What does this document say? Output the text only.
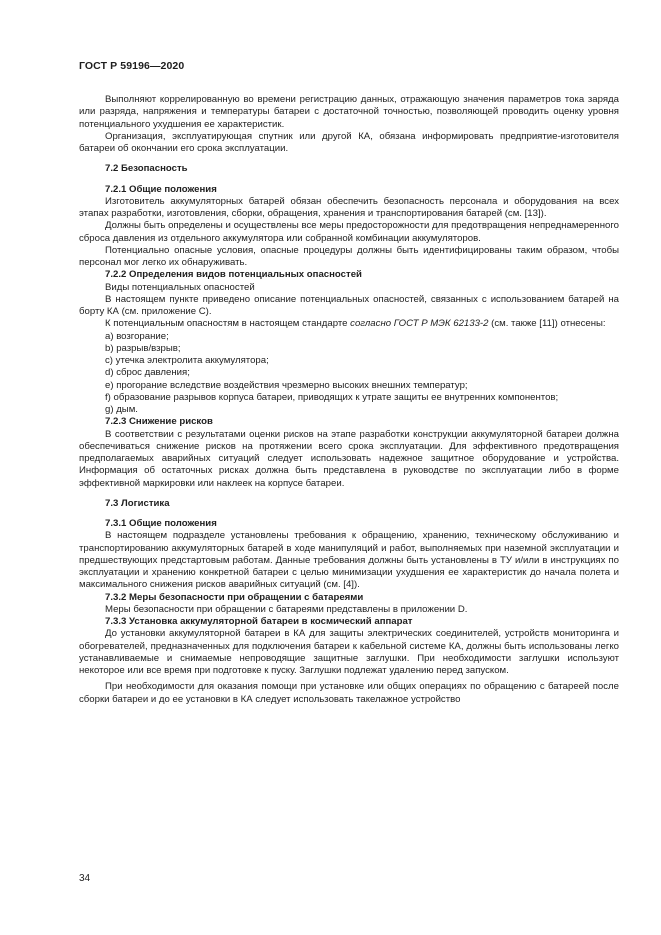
ГОСТ Р 59196—2020

Выполняют коррелированную во времени регистрацию данных, отражающую значения параметров тока заряда или разряда, напряжения и температуры батареи с достаточной точностью, позволяющей проводить оценку уровня потенциального ухудшения ее характеристик.

Организация, эксплуатирующая спутник или другой КА, обязана информировать предприятие-изготовителя батареи об окончании его срока эксплуатации.

7.2 Безопасность

7.2.1 Общие положения

Изготовитель аккумуляторных батарей обязан обеспечить безопасность персонала и оборудования на всех этапах разработки, изготовления, сборки, обращения, хранения и транспортирования батарей (см. [13]).

Должны быть определены и осуществлены все меры предосторожности для предотвращения непреднамеренного сброса давления из отдельного аккумулятора или собранной комбинации аккумуляторов.

Потенциально опасные условия, опасные процедуры должны быть идентифицированы таким образом, чтобы персонал мог легко их обнаруживать.

7.2.2 Определения видов потенциальных опасностей

Виды потенциальных опасностей

В настоящем пункте приведено описание потенциальных опасностей, связанных с использованием батарей на борту КА (см. приложение С).

К потенциальным опасностям в настоящем стандарте согласно ГОСТ Р МЭК 62133-2 (см. также [11]) отнесены:

a) возгорание;

b) разрыв/взрыв;

c) утечка электролита аккумулятора;

d) сброс давления;

e) прогорание вследствие воздействия чрезмерно высоких внешних температур;

f) образование разрывов корпуса батареи, приводящих к утрате защиты ее внутренних компонентов;

g) дым.

7.2.3 Снижение рисков

В соответствии с результатами оценки рисков на этапе разработки конструкции аккумуляторной батареи должна обеспечиваться снижение рисков на протяжении всего срока эксплуатации. Для эффективного предотвращения предполагаемых аварийных ситуаций следует использовать надежное защитное оборудование и устройства. Информация об остаточных рисках должна быть представлена в руководстве по эксплуатации либо в форме эффективной маркировки или наклеек на корпусе батареи.

7.3 Логистика

7.3.1 Общие положения

В настоящем подразделе установлены требования к обращению, хранению, техническому обслуживанию и транспортированию аккумуляторных батарей в ходе манипуляций и работ, выполняемых при наземной эксплуатации и предшествующих предстартовым работам. Данные требования должны быть установлены в ТУ и/или в инструкциях по эксплуатации и хранению конкретной батареи с целью минимизации ухудшения ее характеристик до начала полета и максимального снижения рисков аварийных ситуаций (см. [4]).

7.3.2 Меры безопасности при обращении с батареями

Меры безопасности при обращении с батареями представлены в приложении D.

7.3.3 Установка аккумуляторной батареи в космический аппарат

До установки аккумуляторной батареи в КА для защиты электрических соединителей, устройств мониторинга и обогревателей, предназначенных для подключения батареи к кабельной системе КА, должны быть использованы легко устанавливаемые и снимаемые непроводящие защитные заглушки. При необходимости заглушки используют некоторое или все время при подготовке к пуску. Заглушки подлежат удалению перед запуском.

При необходимости для оказания помощи при установке или общих операциях по обращению с батареей после сборки батареи и до ее установки в КА следует использовать такелажное устройство

34
